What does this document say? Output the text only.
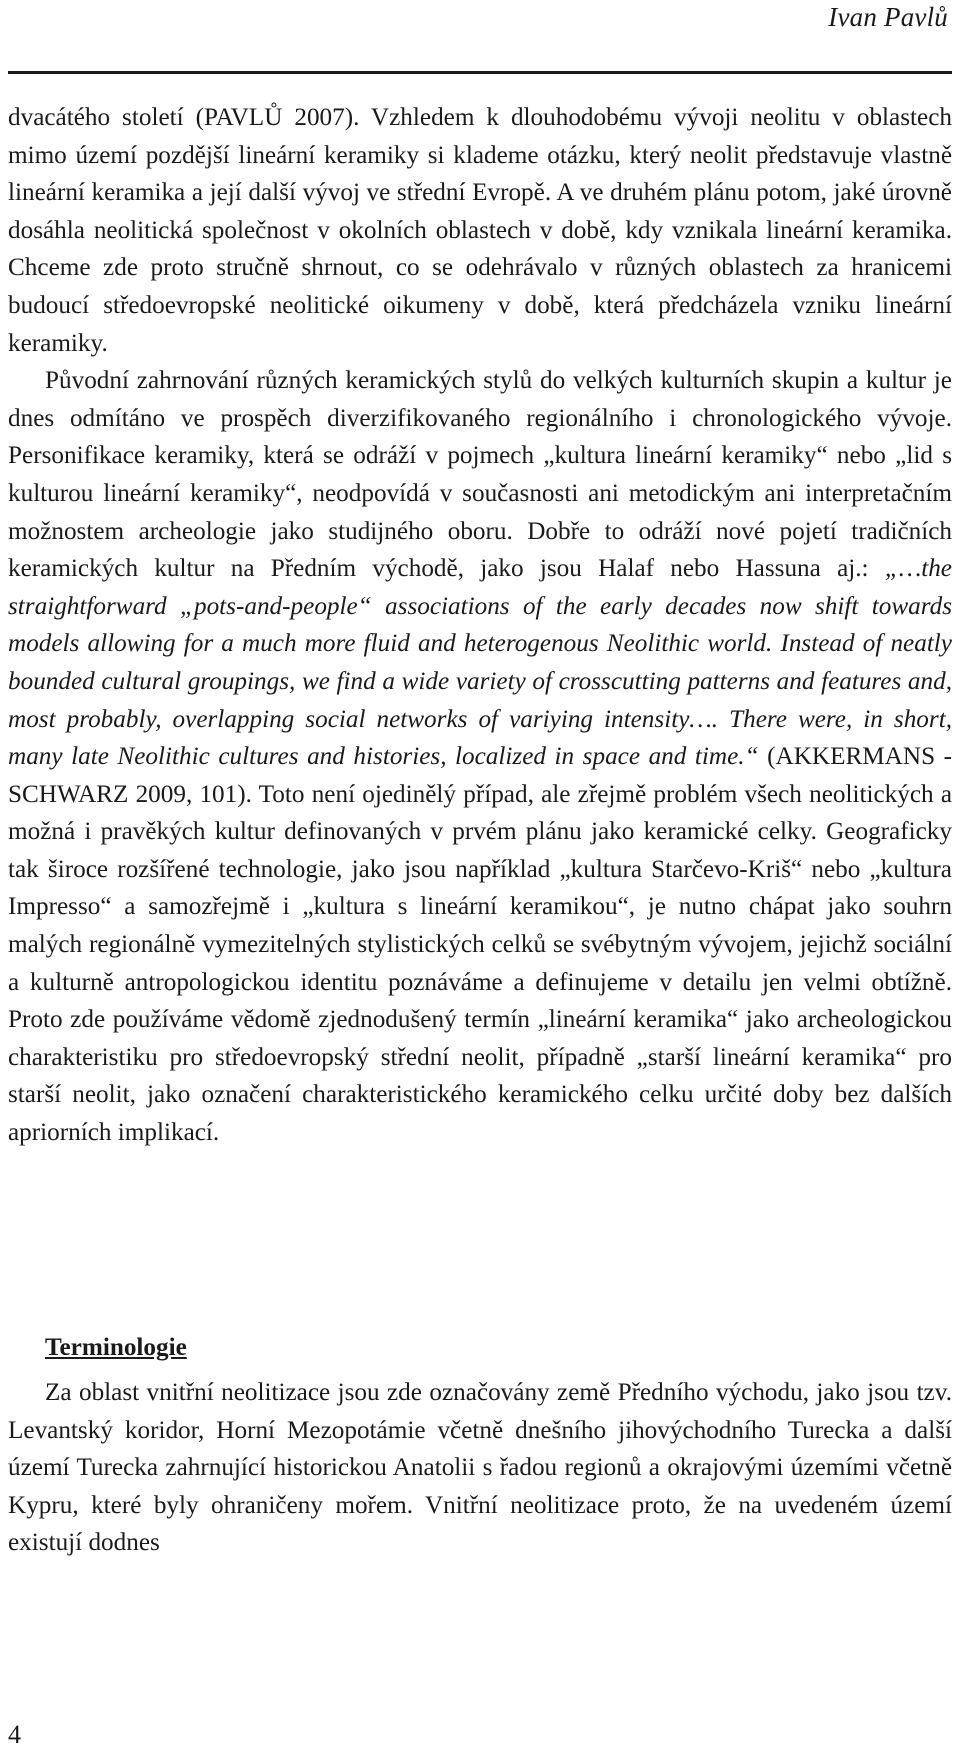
Ivan Pavlů

dvacátého století (PAVLŮ 2007). Vzhledem k dlouhodobému vývoji neolitu v oblastech mimo území pozdější lineární keramiky si klademe otázku, který neolit představuje vlastně lineární keramika a její další vývoj ve střední Evropě. A ve druhém plánu potom, jaké úrovně dosáhla neolitická společnost v okolních oblastech v době, kdy vznikala lineární keramika. Chceme zde proto stručně shrnout, co se odehrávalo v různých oblastech za hranicemi budoucí středoevropské neolitické oikumeny v době, která předcházela vzniku lineární keramiky.

Původní zahrnování různých keramických stylů do velkých kulturních skupin a kultur je dnes odmítáno ve prospěch diverzifikovaného regionálního i chronologického vývoje. Personifikace keramiky, která se odráží v pojmech „kultura lineární keramiky“ nebo „lid s kulturou lineární keramiky“, neodpovídá v současnosti ani metodickým ani interpretačním možnostem archeologie jako studijného oboru. Dobře to odráží nové pojetí tradičních keramických kultur na Předním východě, jako jsou Halaf nebo Hassuna aj.: „…the straightforward „pots-and-people“ associations of the early decades now shift towards models allowing for a much more fluid and heterogenous Neolithic world. Instead of neatly bounded cultural groupings, we find a wide variety of crosscutting patterns and features and, most probably, overlapping social networks of variying intensity…. There were, in short, many late Neolithic cultures and histories, localized in space and time.“ (AKKERMANS - SCHWARZ 2009, 101). Toto není ojedinělý případ, ale zřejmě problém všech neolitických a možná i pravěkých kultur definovaných v prvém plánu jako keramické celky. Geograficky tak široce rozšířené technologie, jako jsou například „kultura Starčevo-Kriš“ nebo „kultura Impresso“ a samozřejmě i „kultura s lineární keramikou“, je nutno chápat jako souhrn malých regionálně vymezitelných stylistických celků se svébytným vývojem, jejichž sociální a kulturně antropologickou identitu poznáváme a definujeme v detailu jen velmi obtížně. Proto zde používáme vědomě zjednodušený termín „lineární keramika“ jako archeologickou charakteristiku pro středoevropský střední neolit, případně „starší lineární keramika“ pro starší neolit, jako označení charakteristického keramického celku určité doby bez dalších apriorních implikací.

Terminologie

Za oblast vnitřní neolitizace jsou zde označovány země Předního východu, jako jsou tzv. Levantský koridor, Horní Mezopotámie včetně dnešního jihovýchodního Turecka a další území Turecka zahrnující historickou Anatolii s řadou regionů a okrajovými územími včetně Kypru, které byly ohraničeny mořem. Vnitřní neolitizace proto, že na uvedeném území existují dodnes

4
